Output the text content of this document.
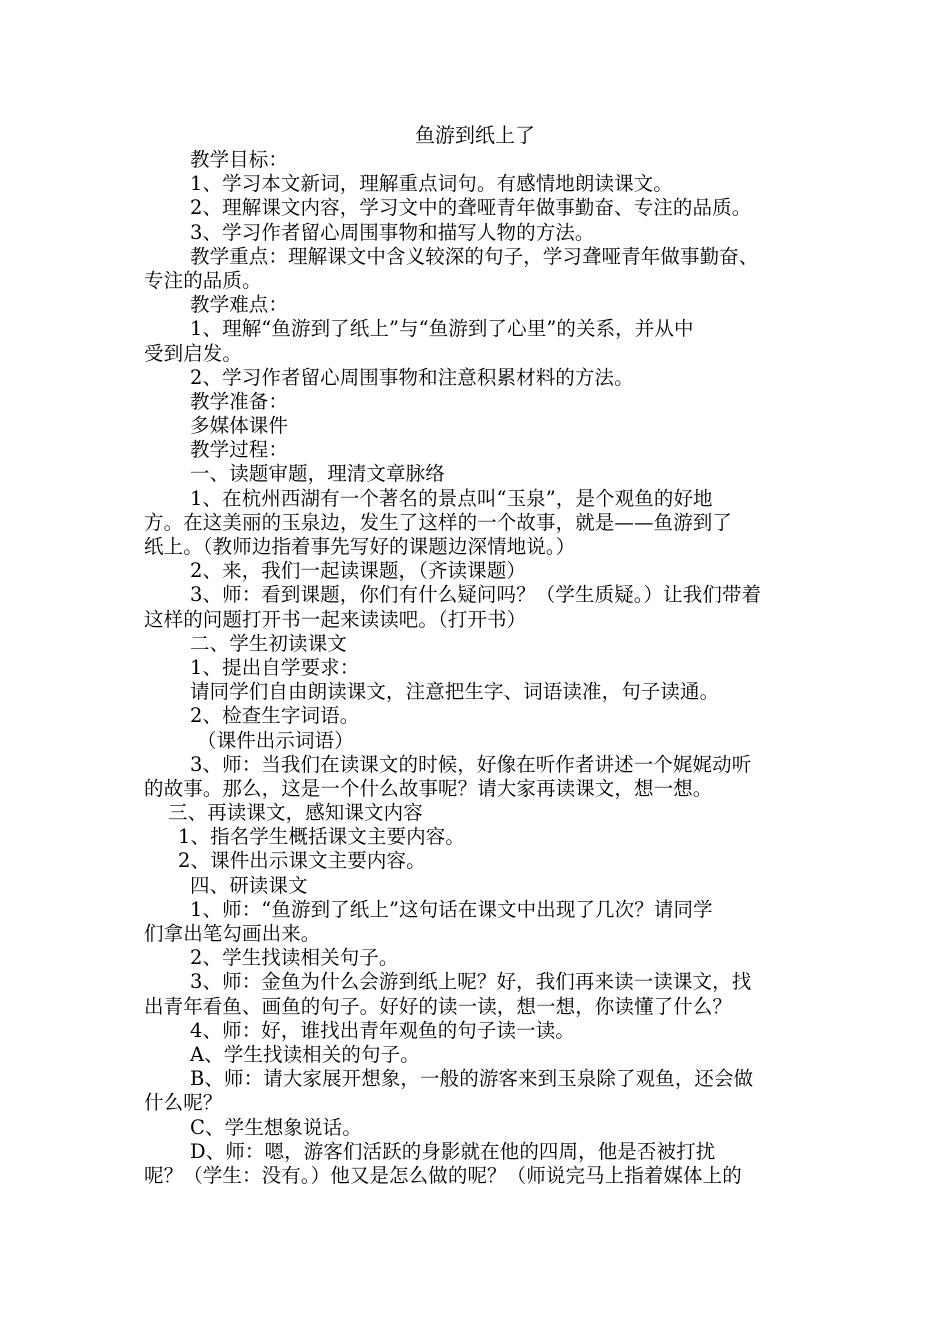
鱼游到纸上了
教学目标：
1、学习本文新词，理解重点词句。有感情地朗读课文。
2、理解课文内容，学习文中的聋哑青年做事勤奋、专注的品质。
3、学习作者留心周围事物和描写人物的方法。
教学重点：理解课文中含义较深的句子，学习聋哑青年做事勤奋、
专注的品质。
教学难点：
1、理解“鱼游到了纸上”与“鱼游到了心里”的关系，并从中
受到启发。
2、学习作者留心周围事物和注意积累材料的方法。
教学准备：
多媒体课件
教学过程：
一、读题审题，理清文章脉络
1、在杭州西湖有一个著名的景点叫“玉泉”，是个观鱼的好地
方。在这美丽的玉泉边，发生了这样的一个故事，就是——鱼游到了
纸上。（教师边指着事先写好的课题边深情地说。）
2、来，我们一起读课题，（齐读课题）
3、师：看到课题，你们有什么疑问吗？（学生质疑。）让我们带着
这样的问题打开书一起来读读吧。（打开书）
二、学生初读课文
1、提出自学要求：
请同学们自由朗读课文，注意把生字、词语读准，句子读通。
2、检查生字词语。
（课件出示词语）
3、师：当我们在读课文的时候，好像在听作者讲述一个娓娓动听
的故事。那么，这是一个什么故事呢？请大家再读课文，想一想。
三、再读课文，感知课文内容
1、指名学生概括课文主要内容。
2、课件出示课文主要内容。
四、研读课文
1、师：“鱼游到了纸上”这句话在课文中出现了几次？请同学
们拿出笔勾画出来。
2、学生找读相关句子。
3、师：金鱼为什么会游到纸上呢？好，我们再来读一读课文，找
出青年看鱼、画鱼的句子。好好的读一读，想一想，你读懂了什么？
4、师：好，谁找出青年观鱼的句子读一读。
A、学生找读相关的句子。
B、师：请大家展开想象，一般的游客来到玉泉除了观鱼，还会做
什么呢？
C、学生想象说话。
D、师：嗯，游客们活跃的身影就在他的四周，他是否被打扰
呢？（学生：没有。）他又是怎么做的呢？（师说完马上指着媒体上的
